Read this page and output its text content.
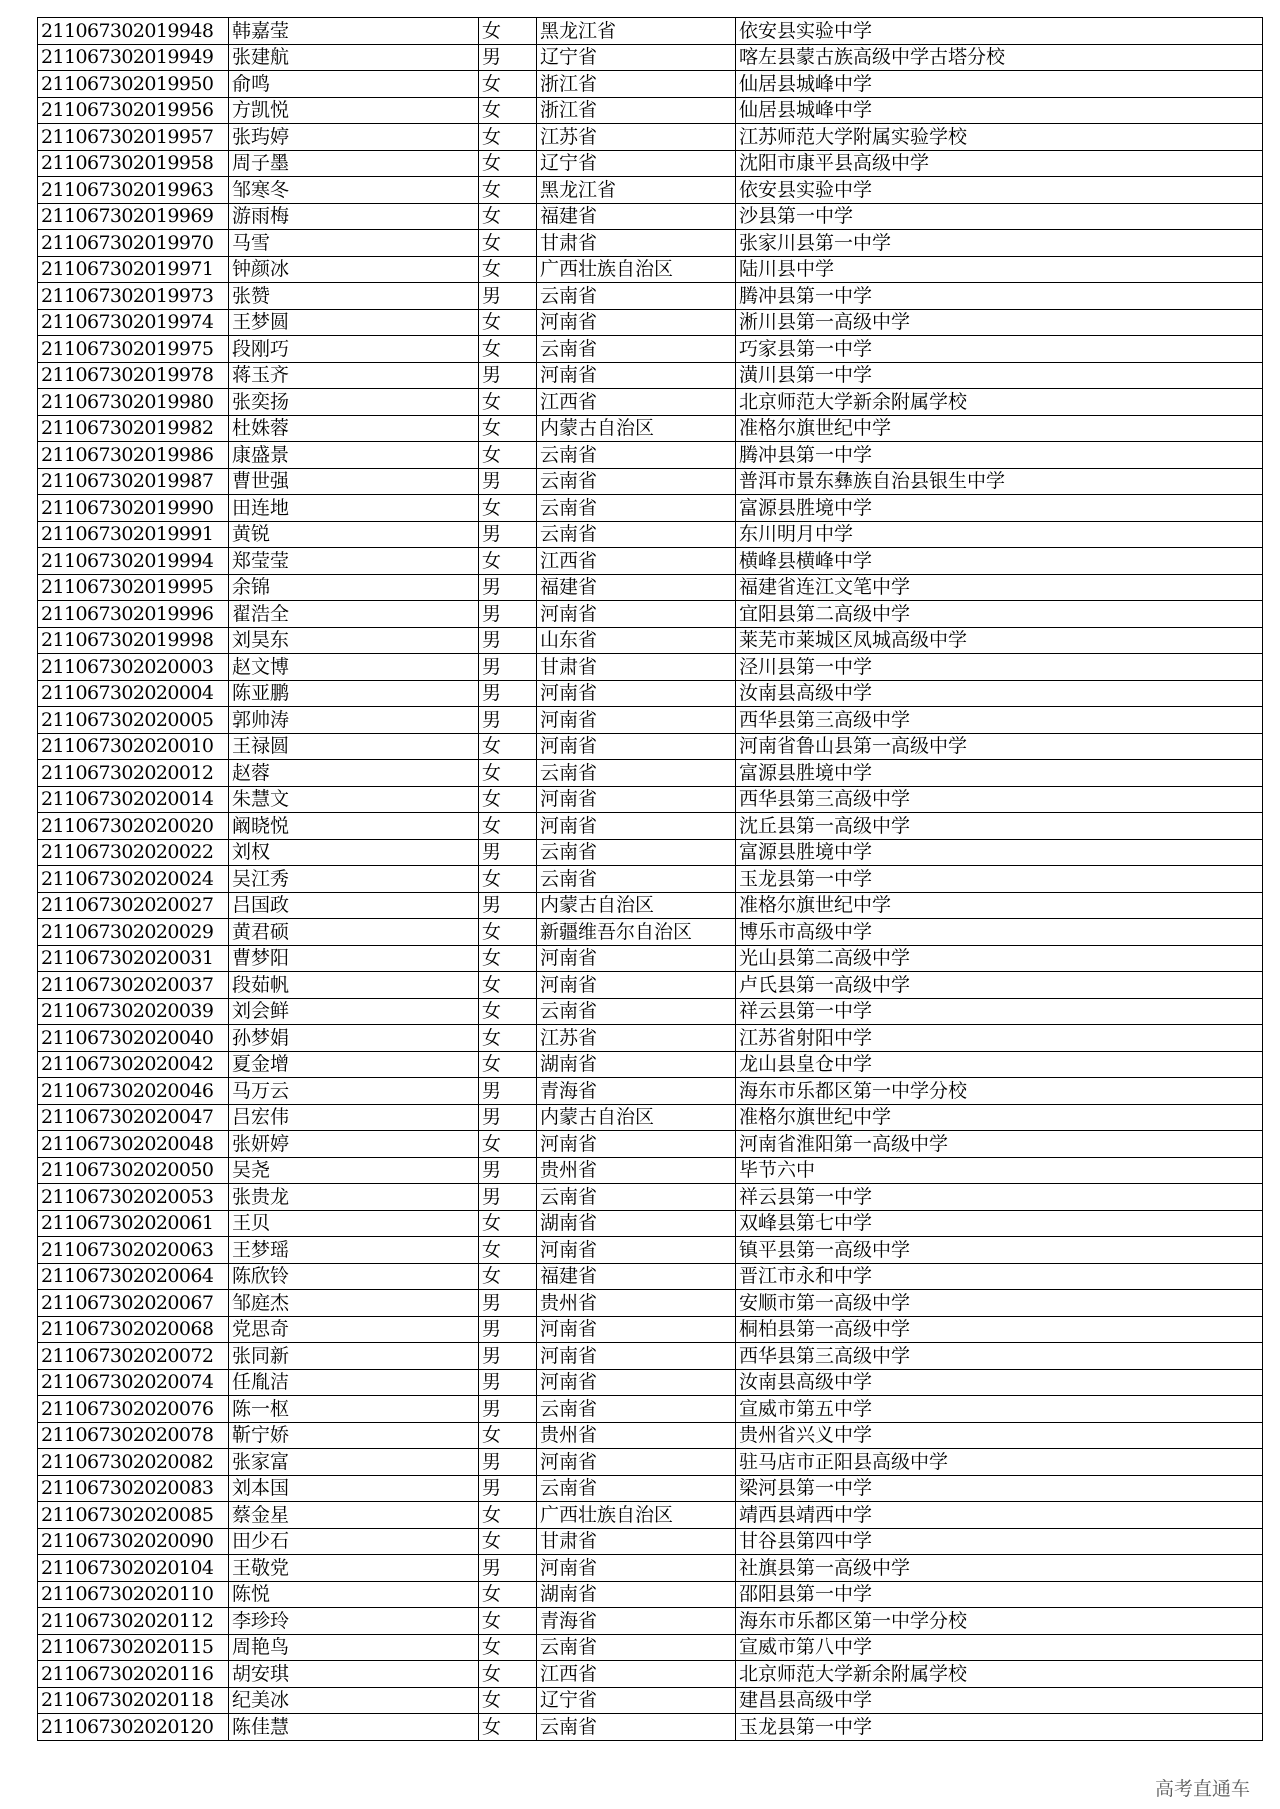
211067302019948	韩嘉莹	女	黑龙江省	依安县实验中学
211067302019949	张建航	男	辽宁省	喀左县蒙古族高级中学古塔分校
211067302019950	俞鸣	女	浙江省	仙居县城峰中学
211067302019956	方凯悦	女	浙江省	仙居县城峰中学
211067302019957	张玙婷	女	江苏省	江苏师范大学附属实验学校
211067302019958	周子墨	女	辽宁省	沈阳市康平县高级中学
211067302019963	邹寒冬	女	黑龙江省	依安县实验中学
211067302019969	游雨梅	女	福建省	沙县第一中学
211067302019970	马雪	女	甘肃省	张家川县第一中学
211067302019971	钟颜冰	女	广西壮族自治区	陆川县中学
211067302019973	张赞	男	云南省	腾冲县第一中学
211067302019974	王梦圆	女	河南省	淅川县第一高级中学
211067302019975	段刚巧	女	云南省	巧家县第一中学
211067302019978	蒋玉齐	男	河南省	潢川县第一中学
211067302019980	张奕扬	女	江西省	北京师范大学新余附属学校
211067302019982	杜姝蓉	女	内蒙古自治区	准格尔旗世纪中学
211067302019986	康盛景	女	云南省	腾冲县第一中学
211067302019987	曹世强	男	云南省	普洱市景东彝族自治县银生中学
211067302019990	田连地	女	云南省	富源县胜境中学
211067302019991	黄锐	男	云南省	东川明月中学
211067302019994	郑莹莹	女	江西省	横峰县横峰中学
211067302019995	余锦	男	福建省	福建省连江文笔中学
211067302019996	翟浩全	男	河南省	宜阳县第二高级中学
211067302019998	刘昊东	男	山东省	莱芜市莱城区凤城高级中学
211067302020003	赵文博	男	甘肃省	泾川县第一中学
211067302020004	陈亚鹏	男	河南省	汝南县高级中学
211067302020005	郭帅涛	男	河南省	西华县第三高级中学
211067302020010	王禄圆	女	河南省	河南省鲁山县第一高级中学
211067302020012	赵蓉	女	云南省	富源县胜境中学
211067302020014	朱慧文	女	河南省	西华县第三高级中学
211067302020020	阚晓悦	女	河南省	沈丘县第一高级中学
211067302020022	刘权	男	云南省	富源县胜境中学
211067302020024	吴江秀	女	云南省	玉龙县第一中学
211067302020027	吕国政	男	内蒙古自治区	准格尔旗世纪中学
211067302020029	黄君硕	女	新疆维吾尔自治区	博乐市高级中学
211067302020031	曹梦阳	女	河南省	光山县第二高级中学
211067302020037	段茹帆	女	河南省	卢氏县第一高级中学
211067302020039	刘会鲜	女	云南省	祥云县第一中学
211067302020040	孙梦娟	女	江苏省	江苏省射阳中学
211067302020042	夏金增	女	湖南省	龙山县皇仓中学
211067302020046	马万云	男	青海省	海东市乐都区第一中学分校
211067302020047	吕宏伟	男	内蒙古自治区	准格尔旗世纪中学
211067302020048	张妍婷	女	河南省	河南省淮阳第一高级中学
211067302020050	吴尧	男	贵州省	毕节六中
211067302020053	张贵龙	男	云南省	祥云县第一中学
211067302020061	王贝	女	湖南省	双峰县第七中学
211067302020063	王梦瑶	女	河南省	镇平县第一高级中学
211067302020064	陈欣铃	女	福建省	晋江市永和中学
211067302020067	邹庭杰	男	贵州省	安顺市第一高级中学
211067302020068	党思奇	男	河南省	桐柏县第一高级中学
211067302020072	张同新	男	河南省	西华县第三高级中学
211067302020074	任胤洁	男	河南省	汝南县高级中学
211067302020076	陈一枢	男	云南省	宣威市第五中学
211067302020078	靳宁娇	女	贵州省	贵州省兴义中学
211067302020082	张家富	男	河南省	驻马店市正阳县高级中学
211067302020083	刘本国	男	云南省	梁河县第一中学
211067302020085	蔡金星	女	广西壮族自治区	靖西县靖西中学
211067302020090	田少石	女	甘肃省	甘谷县第四中学
211067302020104	王敬党	男	河南省	社旗县第一高级中学
211067302020110	陈悦	女	湖南省	邵阳县第一中学
211067302020112	李珍玲	女	青海省	海东市乐都区第一中学分校
211067302020115	周艳鸟	女	云南省	宣威市第八中学
211067302020116	胡安琪	女	江西省	北京师范大学新余附属学校
211067302020118	纪美冰	女	辽宁省	建昌县高级中学
211067302020120	陈佳慧	女	云南省	玉龙县第一中学
高考直通车
